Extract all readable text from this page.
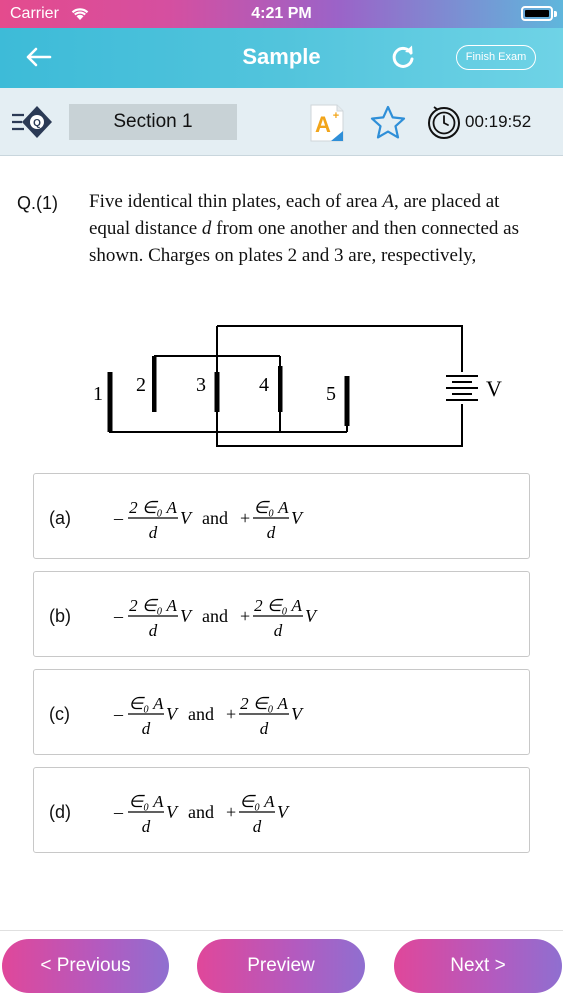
Carrier	4:21 PM
Sample	Finish Exam
Q	Section 1	A +	00:19:52
Q.(1) Five identical thin plates, each of area A, are placed at equal distance d from one another and then connected as shown. Charges on plates 2 and 3 are, respectively,
1 2	3	4	5	V
(a) –
2 ∈₀ A
d
V and +
∈₀ A
d
V
(b) –
2 ∈₀ A
d
V and +
2 ∈₀ A
d
V
(c) –
∈₀ A
d
V and +
2 ∈₀ A
d
V
(d) –
∈₀ A
d
V and +
∈₀ A
d
V
< Previous	Preview	Next >
